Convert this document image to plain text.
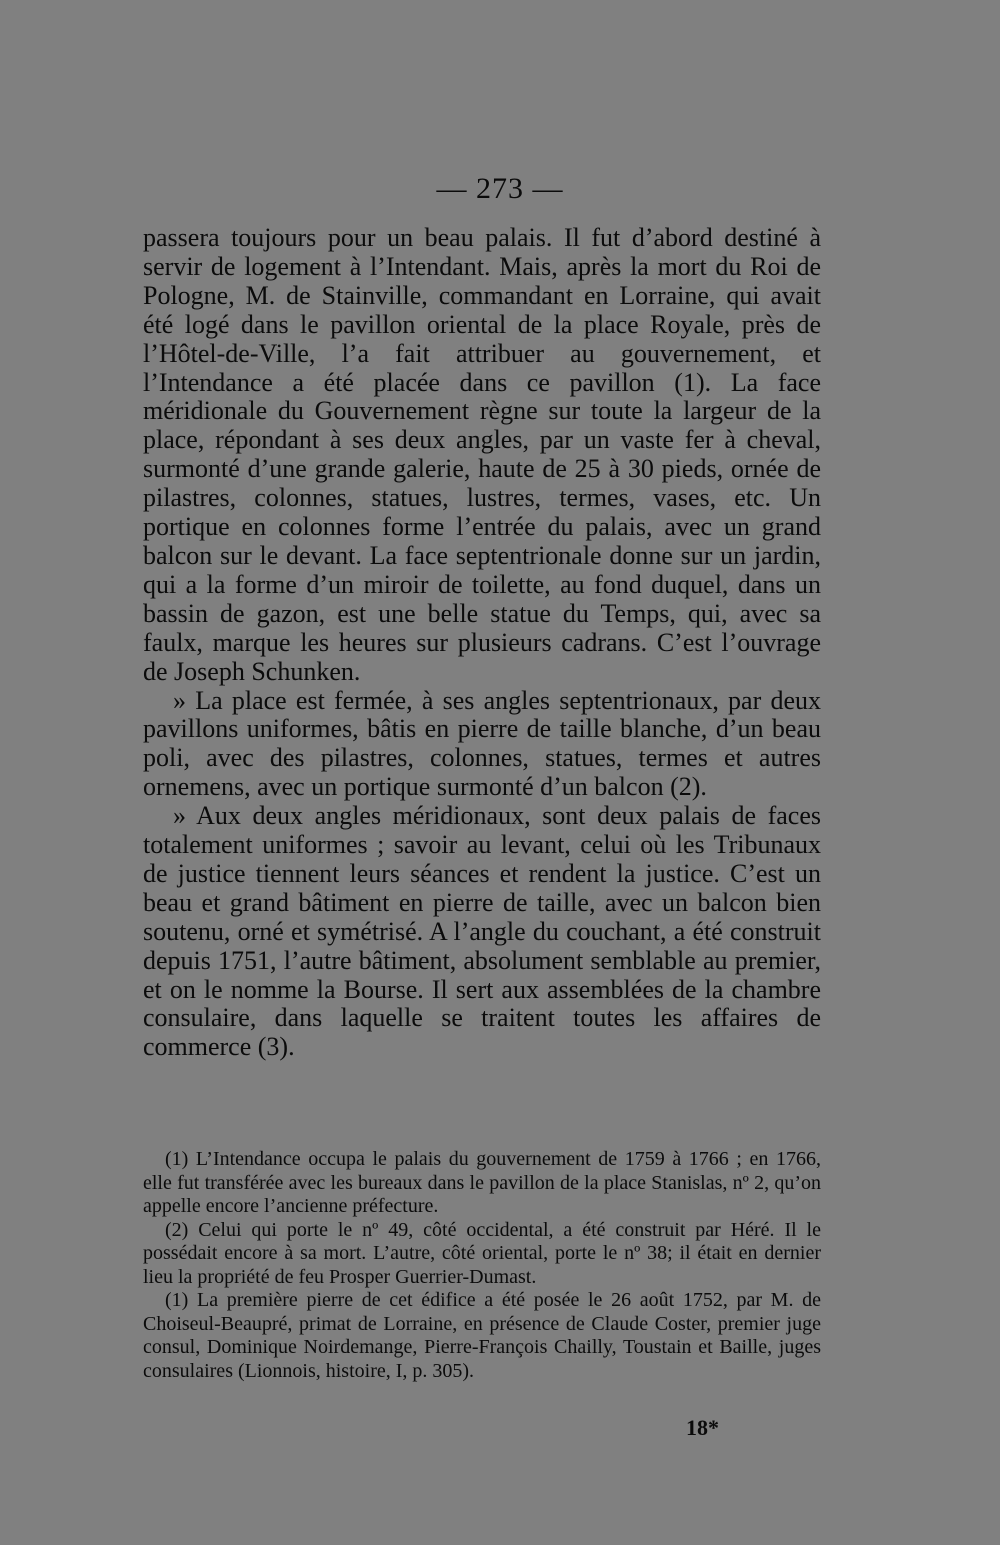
— 273 —

passera toujours pour un beau palais. Il fut d’abord destiné à servir de logement à l’Intendant. Mais, après la mort du Roi de Pologne, M. de Stainville, commandant en Lorraine, qui avait été logé dans le pavillon oriental de la place Royale, près de l’Hôtel-de-Ville, l’a fait attribuer au gouvernement, et l’Intendance a été placée dans ce pavillon (1). La face méridionale du Gouvernement règne sur toute la largeur de la place, répondant à ses deux angles, par un vaste fer à cheval, surmonté d’une grande galerie, haute de 25 à 30 pieds, ornée de pilastres, colonnes, statues, lustres, termes, vases, etc. Un portique en colonnes forme l’entrée du palais, avec un grand balcon sur le devant. La face septentrionale donne sur un jardin, qui a la forme d’un miroir de toilette, au fond duquel, dans un bassin de gazon, est une belle statue du Temps, qui, avec sa faulx, marque les heures sur plusieurs cadrans. C’est l’ouvrage de Joseph Schunken.

» La place est fermée, à ses angles septentrionaux, par deux pavillons uniformes, bâtis en pierre de taille blanche, d’un beau poli, avec des pilastres, colonnes, statues, termes et autres ornemens, avec un portique surmonté d’un balcon (2).

» Aux deux angles méridionaux, sont deux palais de faces totalement uniformes ; savoir au levant, celui où les Tribunaux de justice tiennent leurs séances et rendent la justice. C’est un beau et grand bâtiment en pierre de taille, avec un balcon bien soutenu, orné et symétrisé. A l’angle du couchant, a été construit depuis 1751, l’autre bâtiment, absolument semblable au premier, et on le nomme la Bourse. Il sert aux assemblées de la chambre consulaire, dans laquelle se traitent toutes les affaires de commerce (3).

(1) L’Intendance occupa le palais du gouvernement de 1759 à 1766 ; en 1766, elle fut transférée avec les bureaux dans le pavillon de la place Stanislas, nº 2, qu’on appelle encore l’ancienne préfecture.

(2) Celui qui porte le nº 49, côté occidental, a été construit par Héré. Il le possédait encore à sa mort. L’autre, côté oriental, porte le nº 38; il était en dernier lieu la propriété de feu Prosper Guerrier-Dumast.

(1) La première pierre de cet édifice a été posée le 26 août 1752, par M. de Choiseul-Beaupré, primat de Lorraine, en présence de Claude Coster, premier juge consul, Dominique Noirdemange, Pierre-François Chailly, Toustain et Baille, juges consulaires (Lionnois, histoire, I, p. 305).

18*
